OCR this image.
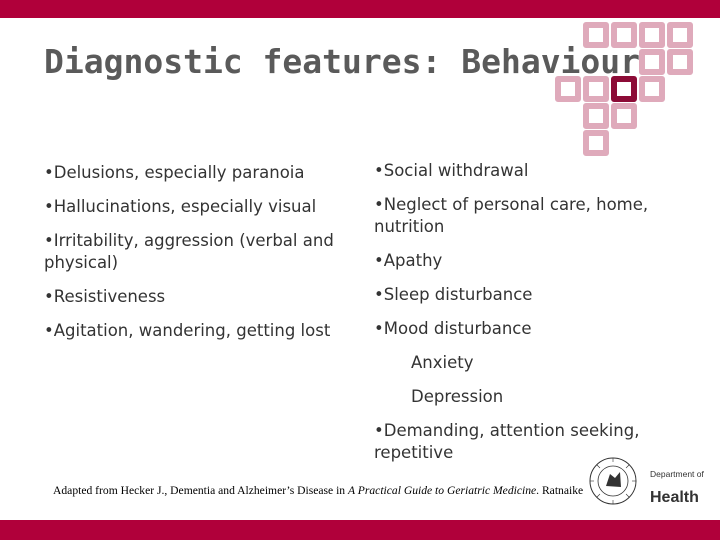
Diagnostic features: Behaviour

•Delusions, especially paranoia

•Hallucinations, especially visual

•Irritability, aggression (verbal and physical)

•Resistiveness

•Agitation, wandering, getting lost

•Social withdrawal

•Neglect of personal care, home, nutrition

•Apathy

•Sleep disturbance

•Mood disturbance

Anxiety

Depression

•Demanding, attention seeking, repetitive

Adapted from Hecker J., Dementia and Alzheimer’s Disease in A Practical Guide to Geriatric Medicine. Ratnaike
Department of
Health
